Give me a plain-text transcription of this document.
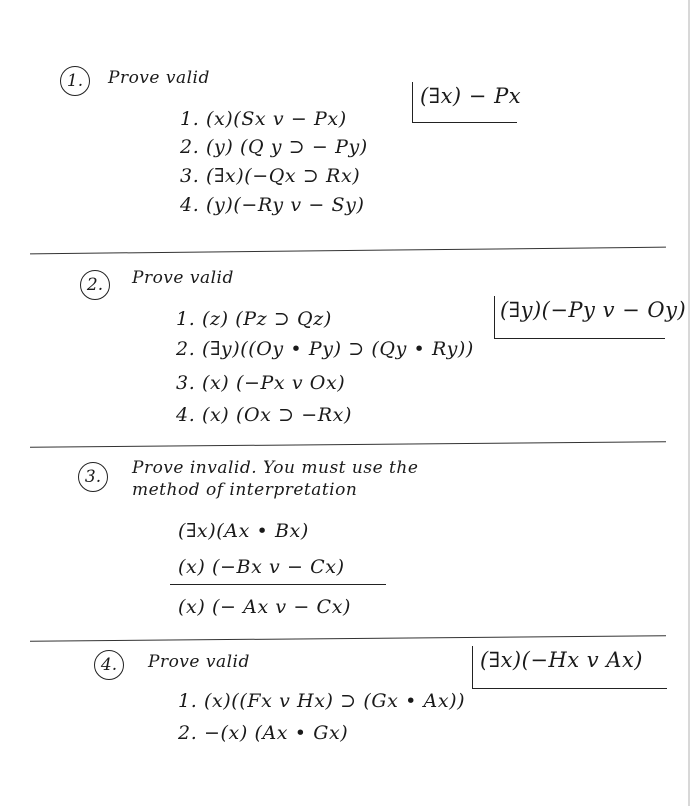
1.	Prove valid
1. (x)(Sx v − Px)
2. (y) (Q y ⊃ − Py)
3. (∃x)(−Qx ⊃ Rx)
4. (y)(−Ry v − Sy)
(∃x) − Px
2.	Prove valid
1. (z) (Pz ⊃ Qz)
2. (∃y)((Oy • Py) ⊃ (Qy • Ry))
3. (x) (−Px v Ox)
4. (x) (Ox ⊃ −Rx)
(∃y)(−Py v − Oy)
3.	Prove invalid. You must use the
method of interpretation
(∃x)(Ax • Bx)
(x) (−Bx v − Cx)
(x) (− Ax v − Cx)
4.	Prove valid
1. (x)((Fx v Hx) ⊃ (Gx • Ax))
2. −(x) (Ax • Gx)
(∃x)(−Hx v Ax)
